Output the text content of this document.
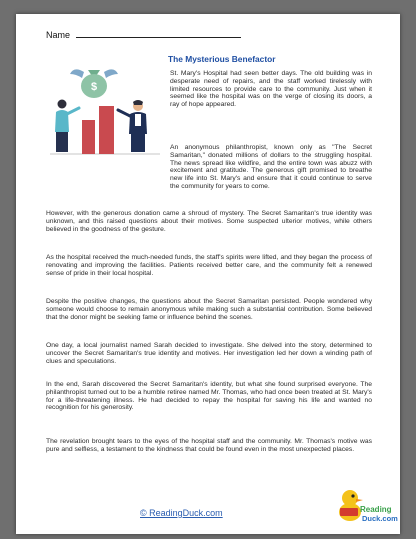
Name
The Mysterious Benefactor
$

St. Mary's Hospital had seen better days. The old building was in desperate need of repairs, and the staff worked tirelessly with limited resources to provide care to the community. Just when it seemed like the hospital was on the verge of closing its doors, a ray of hope appeared.

An anonymous philanthropist, known only as "The Secret Samaritan," donated millions of dollars to the struggling hospital. The news spread like wildfire, and the entire town was abuzz with excitement and gratitude. The generous gift promised to breathe new life into St. Mary's and ensure that it could continue to serve the community for years to come.

However, with the generous donation came a shroud of mystery. The Secret Samaritan's true identity was unknown, and this raised questions about their motives. Some suspected ulterior motives, while others believed in the goodness of the gesture.

As the hospital received the much-needed funds, the staff's spirits were lifted, and they began the process of renovating and improving the facilities. Patients received better care, and the community felt a renewed sense of pride in their local hospital.

Despite the positive changes, the questions about the Secret Samaritan persisted. People wondered why someone would choose to remain anonymous while making such a substantial contribution. Some believed that the donor might be seeking fame or influence behind the scenes.

One day, a local journalist named Sarah decided to investigate. She delved into the story, determined to uncover the Secret Samaritan's true identity and motives. Her investigation led her down a winding path of clues and speculations.

In the end, Sarah discovered the Secret Samaritan's identity, but what she found surprised everyone. The philanthropist turned out to be a humble retiree named Mr. Thomas, who had once been treated at St. Mary's for a life-threatening illness. He had decided to repay the hospital for saving his life and wanted no recognition for his generosity.

The revelation brought tears to the eyes of the hospital staff and the community. Mr. Thomas's motive was pure and selfless, a testament to the kindness that could be found even in the most unexpected places.

© ReadingDuck.com	Reading
Duck.com
